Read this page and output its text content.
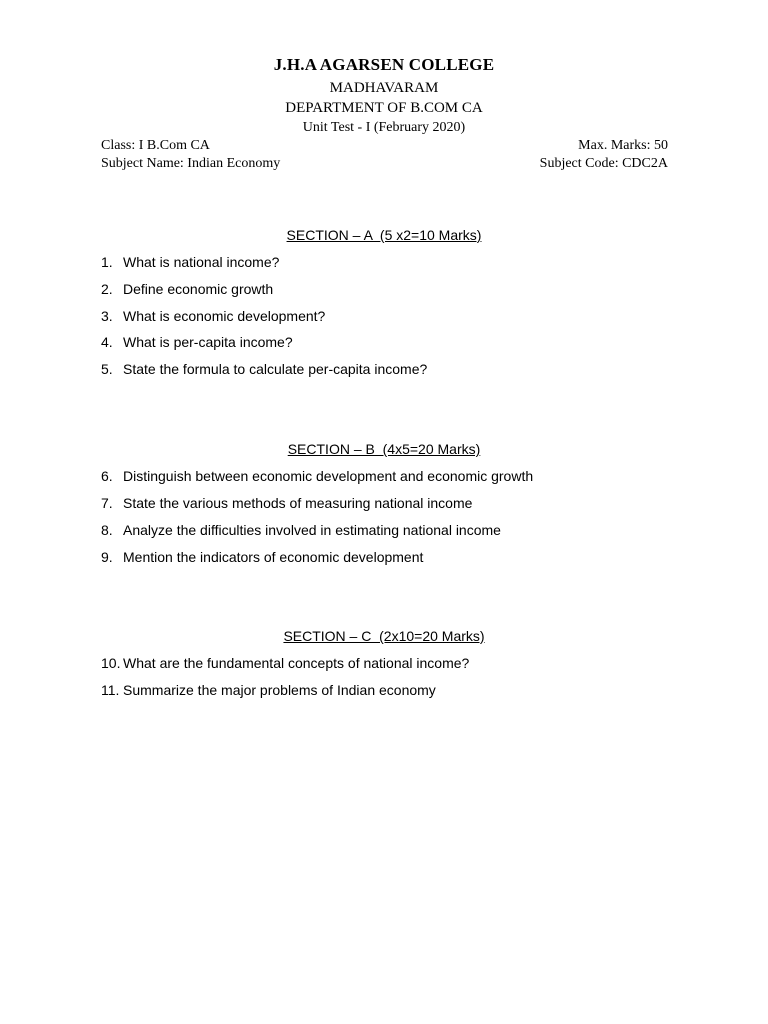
J.H.A AGARSEN COLLEGE
MADHAVARAM
DEPARTMENT OF B.COM CA
Unit Test - I (February 2020)
Class: I B.Com CA	Max. Marks: 50
Subject Name: Indian Economy	Subject Code: CDC2A
SECTION – A  (5 x2=10 Marks)
1. What is national income?
2. Define economic growth
3. What is economic development?
4. What is per-capita income?
5. State the formula to calculate per-capita income?
SECTION – B  (4x5=20 Marks)
6. Distinguish between economic development and economic growth
7. State the various methods of measuring national income
8. Analyze the difficulties involved in estimating national income
9. Mention the indicators of economic development
SECTION – C  (2x10=20 Marks)
10. What are the fundamental concepts of national income?
11. Summarize the major problems of Indian economy
